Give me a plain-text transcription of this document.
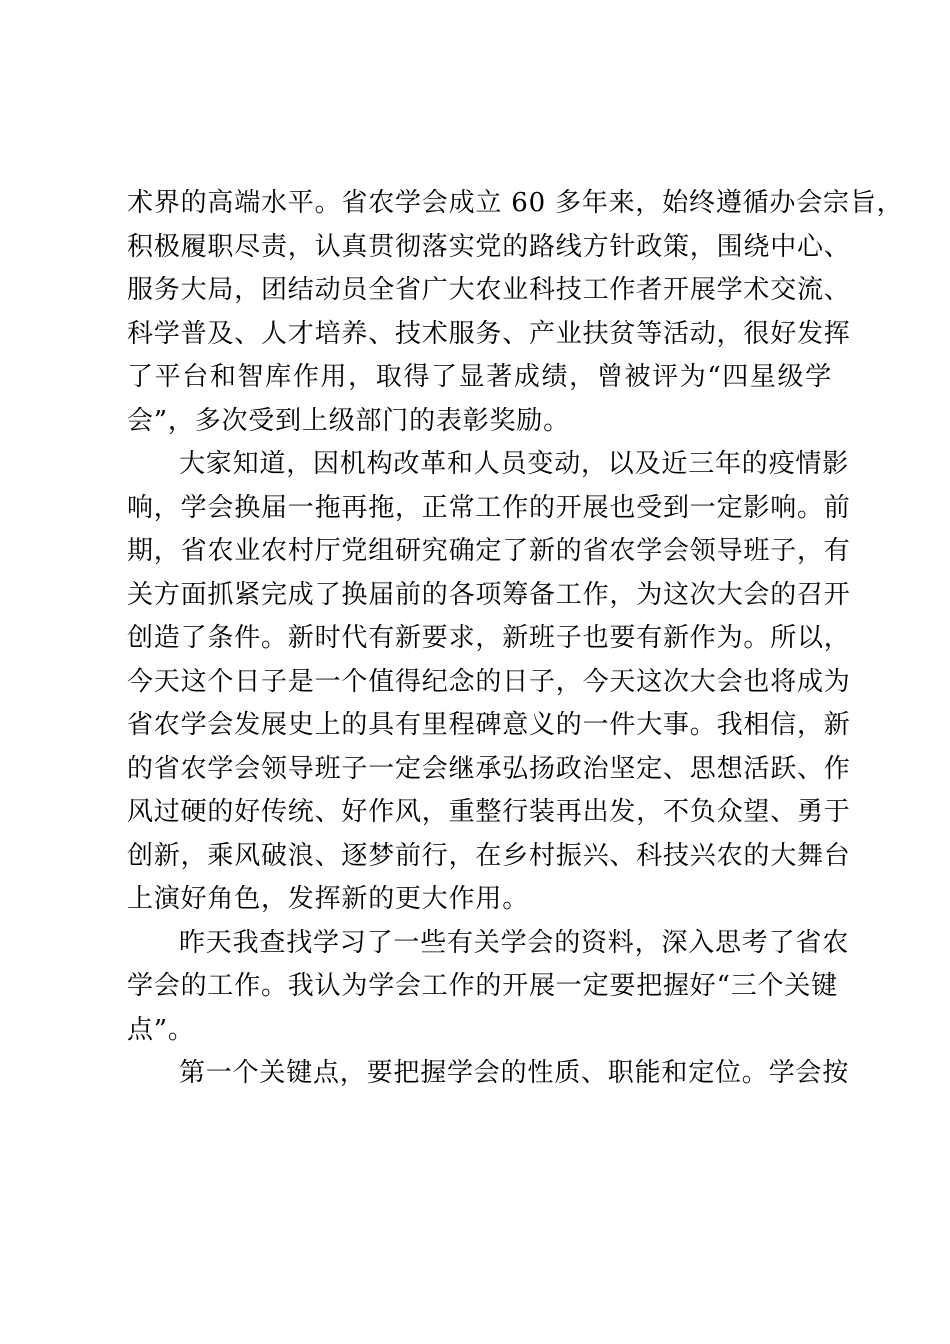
术界的高端水平。省农学会成立 60 多年来，始终遵循办会宗旨，
积极履职尽责，认真贯彻落实党的路线方针政策，围绕中心、
服务大局，团结动员全省广大农业科技工作者开展学术交流、
科学普及、人才培养、技术服务、产业扶贫等活动，很好发挥
了平台和智库作用，取得了显著成绩，曾被评为“四星级学
会”，多次受到上级部门的表彰奖励。
大家知道，因机构改革和人员变动，以及近三年的疫情影
响，学会换届一拖再拖，正常工作的开展也受到一定影响。前
期，省农业农村厅党组研究确定了新的省农学会领导班子，有
关方面抓紧完成了换届前的各项筹备工作，为这次大会的召开
创造了条件。新时代有新要求，新班子也要有新作为。所以，
今天这个日子是一个值得纪念的日子，今天这次大会也将成为
省农学会发展史上的具有里程碑意义的一件大事。我相信，新
的省农学会领导班子一定会继承弘扬政治坚定、思想活跃、作
风过硬的好传统、好作风，重整行装再出发，不负众望、勇于
创新，乘风破浪、逐梦前行，在乡村振兴、科技兴农的大舞台
上演好角色，发挥新的更大作用。
昨天我查找学习了一些有关学会的资料，深入思考了省农
学会的工作。我认为学会工作的开展一定要把握好“三个关键
点”。
第一个关键点，要把握学会的性质、职能和定位。学会按
